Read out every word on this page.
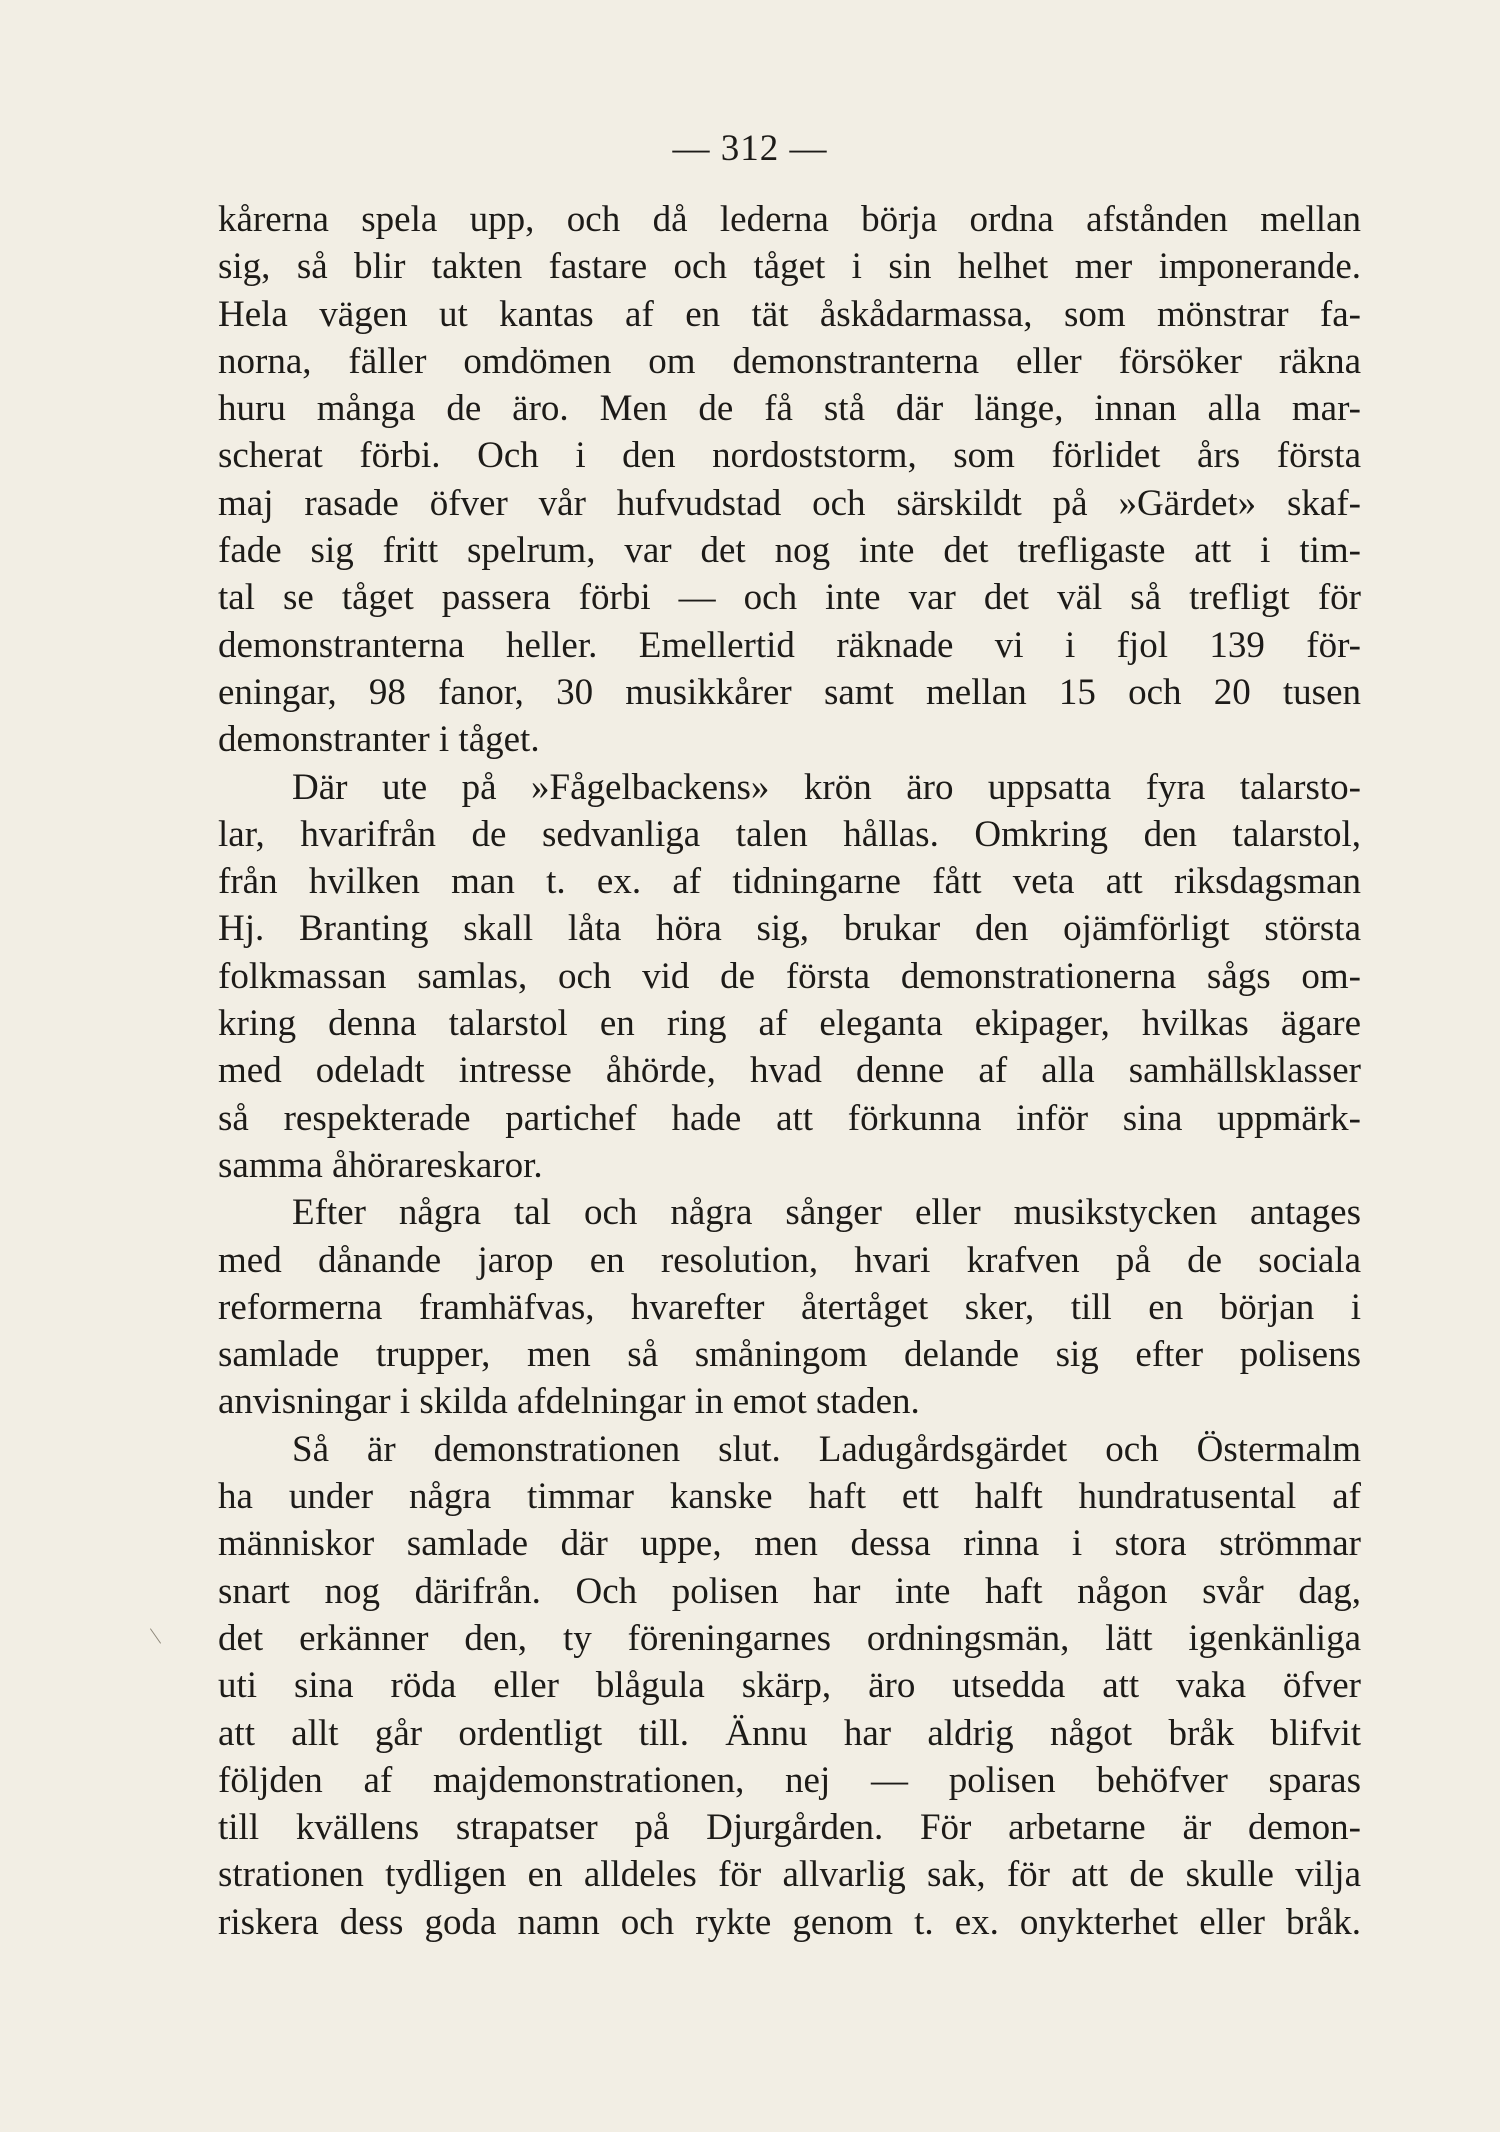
— 312 —
kårerna spela upp, och då lederna börja ordna afstånden mellan
sig, så blir takten fastare och tåget i sin helhet mer imponerande.
Hela vägen ut kantas af en tät åskådarmassa, som mönstrar fa-
norna, fäller omdömen om demonstranterna eller försöker räkna
huru många de äro. Men de få stå där länge, innan alla mar-
scherat förbi. Och i den nordoststorm, som förlidet års första
maj rasade öfver vår hufvudstad och särskildt på »Gärdet» skaf-
fade sig fritt spelrum, var det nog inte det trefligaste att i tim-
tal se tåget passera förbi — och inte var det väl så trefligt för
demonstranterna heller. Emellertid räknade vi i fjol 139 för-
eningar, 98 fanor, 30 musikkårer samt mellan 15 och 20 tusen
demonstranter i tåget.
Där ute på »Fågelbackens» krön äro uppsatta fyra talarsto-
lar, hvarifrån de sedvanliga talen hållas. Omkring den talarstol,
från hvilken man t. ex. af tidningarne fått veta att riksdagsman
Hj. Branting skall låta höra sig, brukar den ojämförligt största
folkmassan samlas, och vid de första demonstrationerna sågs om-
kring denna talarstol en ring af eleganta ekipager, hvilkas ägare
med odeladt intresse åhörde, hvad denne af alla samhällsklasser
så respekterade partichef hade att förkunna inför sina uppmärk-
samma åhörareskaror.
Efter några tal och några sånger eller musikstycken antages
med dånande jarop en resolution, hvari krafven på de sociala
reformerna framhäfvas, hvarefter återtåget sker, till en början i
samlade trupper, men så småningom delande sig efter polisens
anvisningar i skilda afdelningar in emot staden.
Så är demonstrationen slut. Ladugårdsgärdet och Östermalm
ha under några timmar kanske haft ett halft hundratusental af
människor samlade där uppe, men dessa rinna i stora strömmar
snart nog därifrån. Och polisen har inte haft någon svår dag,
det erkänner den, ty föreningarnes ordningsmän, lätt igenkänliga
uti sina röda eller blågula skärp, äro utsedda att vaka öfver
att allt går ordentligt till. Ännu har aldrig något bråk blifvit
följden af majdemonstrationen, nej — polisen behöfver sparas
till kvällens strapatser på Djurgården. För arbetarne är demon-
strationen tydligen en alldeles för allvarlig sak, för att de skulle vilja
riskera dess goda namn och rykte genom t. ex. onykterhet eller bråk.
